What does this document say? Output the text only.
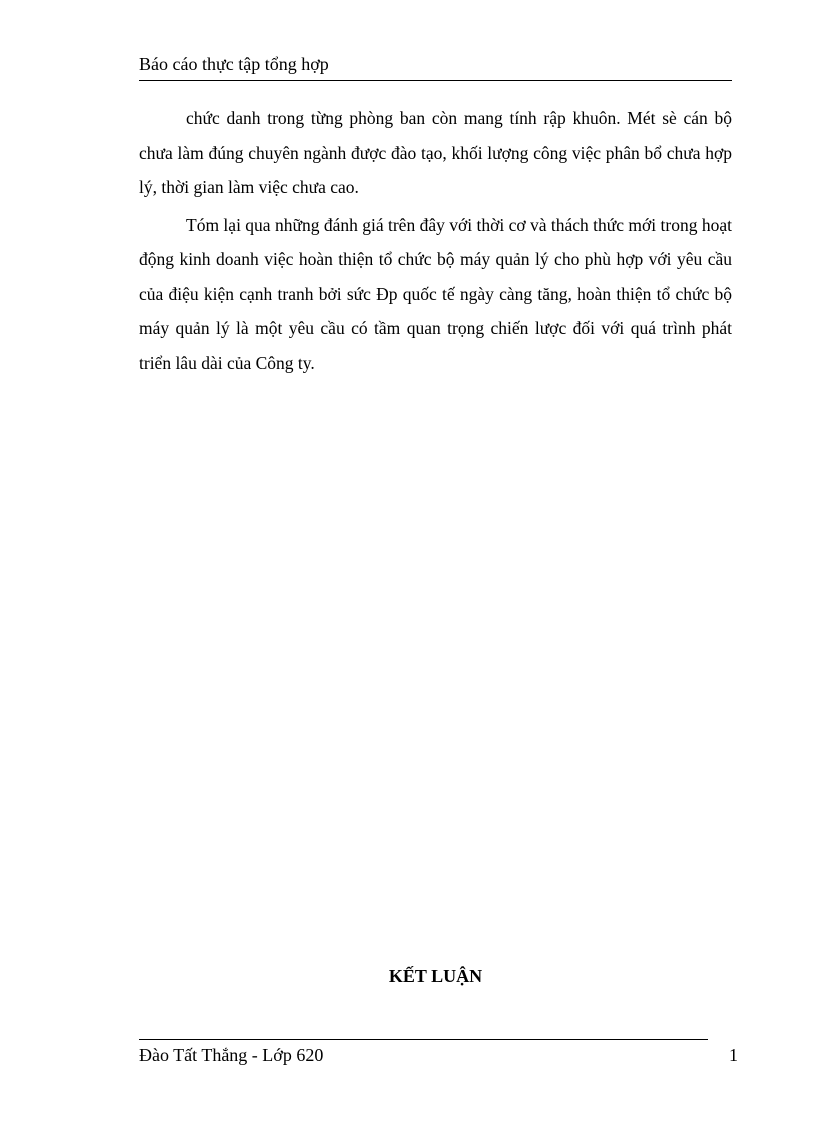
Báo cáo thực tập tổng hợp

chức danh trong từng phòng ban còn mang tính rập khuôn. Mét sè cán bộ chưa làm đúng chuyên ngành được đào tạo, khối lượng công việc phân bổ chưa hợp lý, thời gian làm việc chưa cao.

Tóm lại qua những đánh giá trên đây với thời cơ và thách thức mới trong hoạt động kinh doanh việc hoàn thiện tổ chức bộ máy quản lý cho phù hợp với yêu cầu của điệu kiện cạnh tranh bởi sức Đp quốc tế ngày càng tăng, hoàn thiện tổ chức bộ máy quản lý là một yêu cầu có tầm quan trọng chiến lược đối với quá trình phát triển lâu dài của Công ty.

KẾT LUẬN
Đào Tất Thắng - Lớp 620	1
